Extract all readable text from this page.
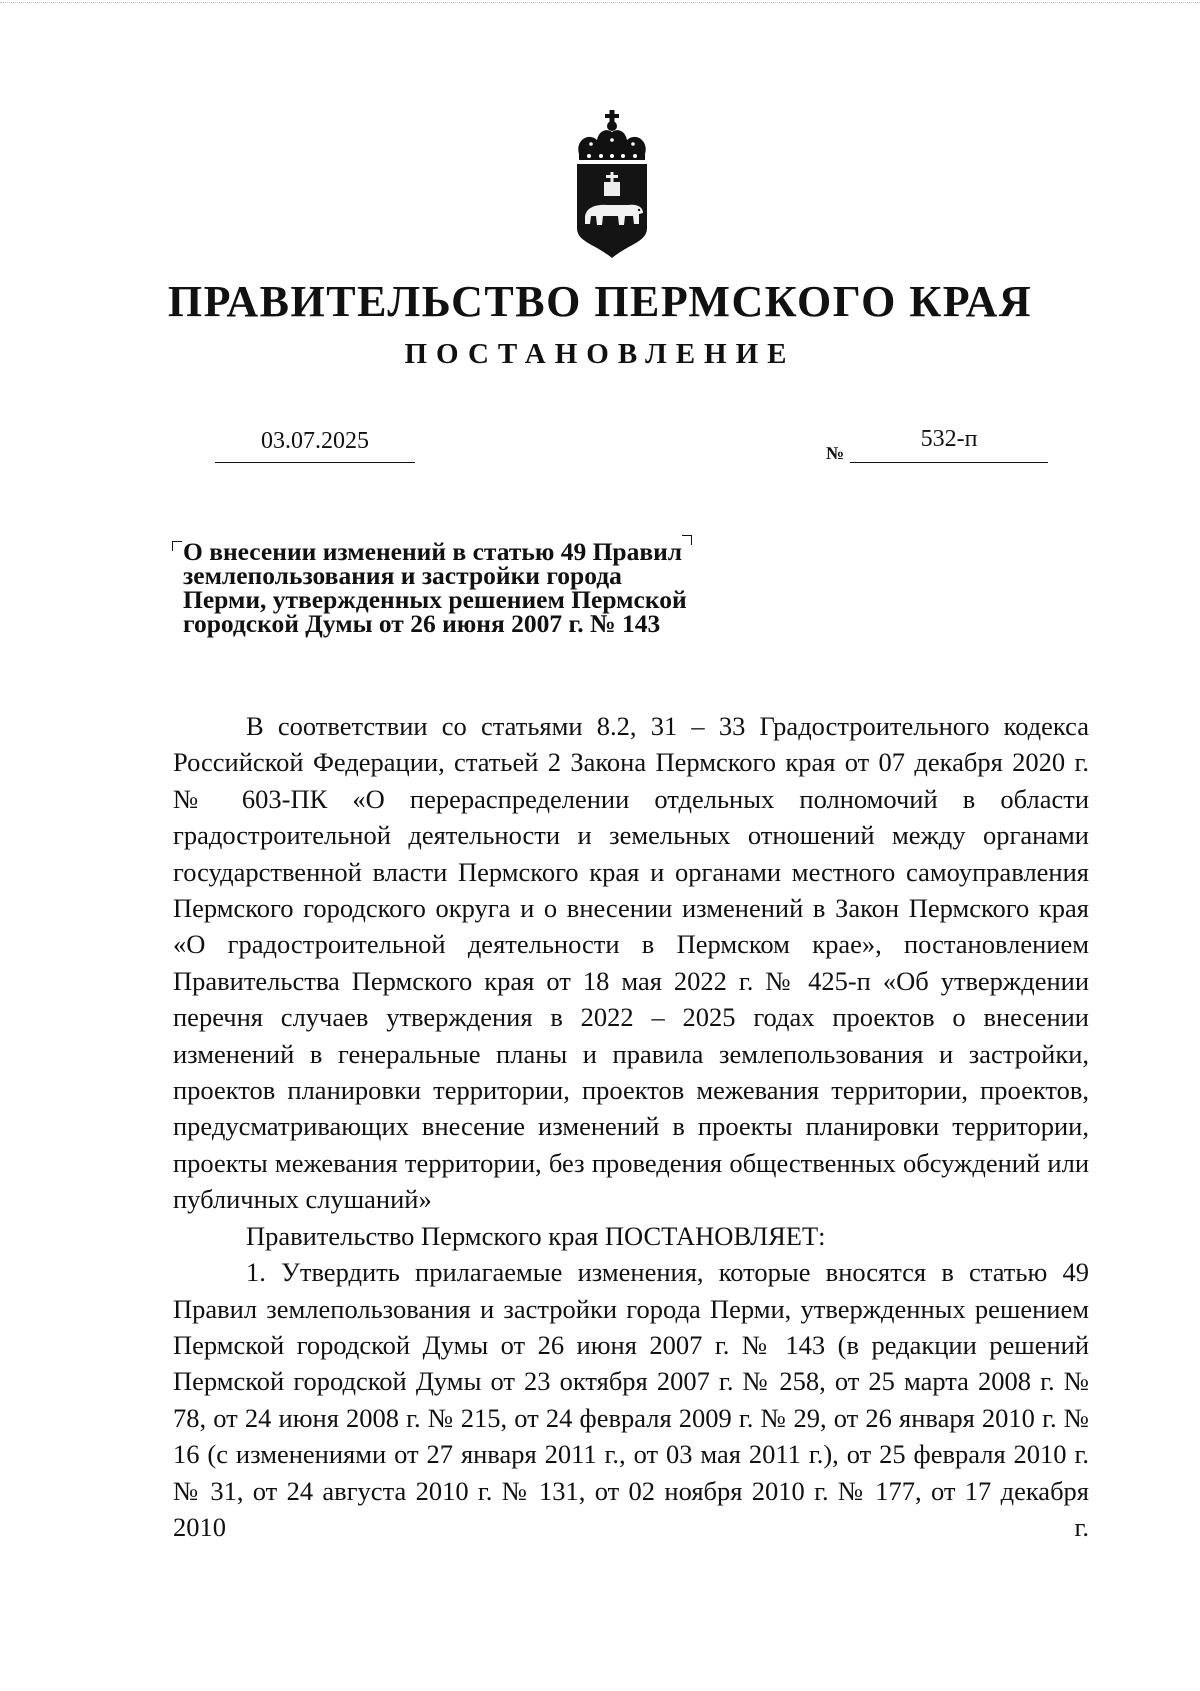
ПРАВИТЕЛЬСТВО ПЕРМСКОГО КРАЯ
ПОСТАНОВЛЕНИЕ
03.07.2025	№
532-п
О внесении изменений в статью 49 Правил
землепользования и застройки города
Перми, утвержденных решением Пермской
городской Думы от 26 июня 2007 г. № 143

В соответствии со статьями 8.2, 31 – 33 Градостроительного кодекса Российской Федерации, статьей 2 Закона Пермского края от 07 декабря 2020 г. № 603-ПК «О перераспределении отдельных полномочий в области градостроительной деятельности и земельных отношений между органами государственной власти Пермского края и органами местного самоуправления Пермского городского округа и о внесении изменений в Закон Пермского края «О градостроительной деятельности в Пермском крае», постановлением Правительства Пермского края от 18 мая 2022 г. № 425-п «Об утверждении перечня случаев утверждения в 2022 – 2025 годах проектов о внесении изменений в генеральные планы и правила землепользования и застройки, проектов планировки территории, проектов межевания территории, проектов, предусматривающих внесение изменений в проекты планировки территории, проекты межевания территории, без проведения общественных обсуждений или публичных слушаний»

Правительство Пермского края ПОСТАНОВЛЯЕТ:

1. Утвердить прилагаемые изменения, которые вносятся в статью 49 Правил землепользования и застройки города Перми, утвержденных решением Пермской городской Думы от 26 июня 2007 г. № 143 (в редакции решений Пермской городской Думы от 23 октября 2007 г. № 258, от 25 марта 2008 г. № 78, от 24 июня 2008 г. № 215, от 24 февраля 2009 г. № 29, от 26 января 2010 г. № 16 (с изменениями от 27 января 2011 г., от 03 мая 2011 г.), от 25 февраля 2010 г. № 31, от 24 августа 2010 г. № 131, от 02 ноября 2010 г. № 177, от 17 декабря 2010 г.
